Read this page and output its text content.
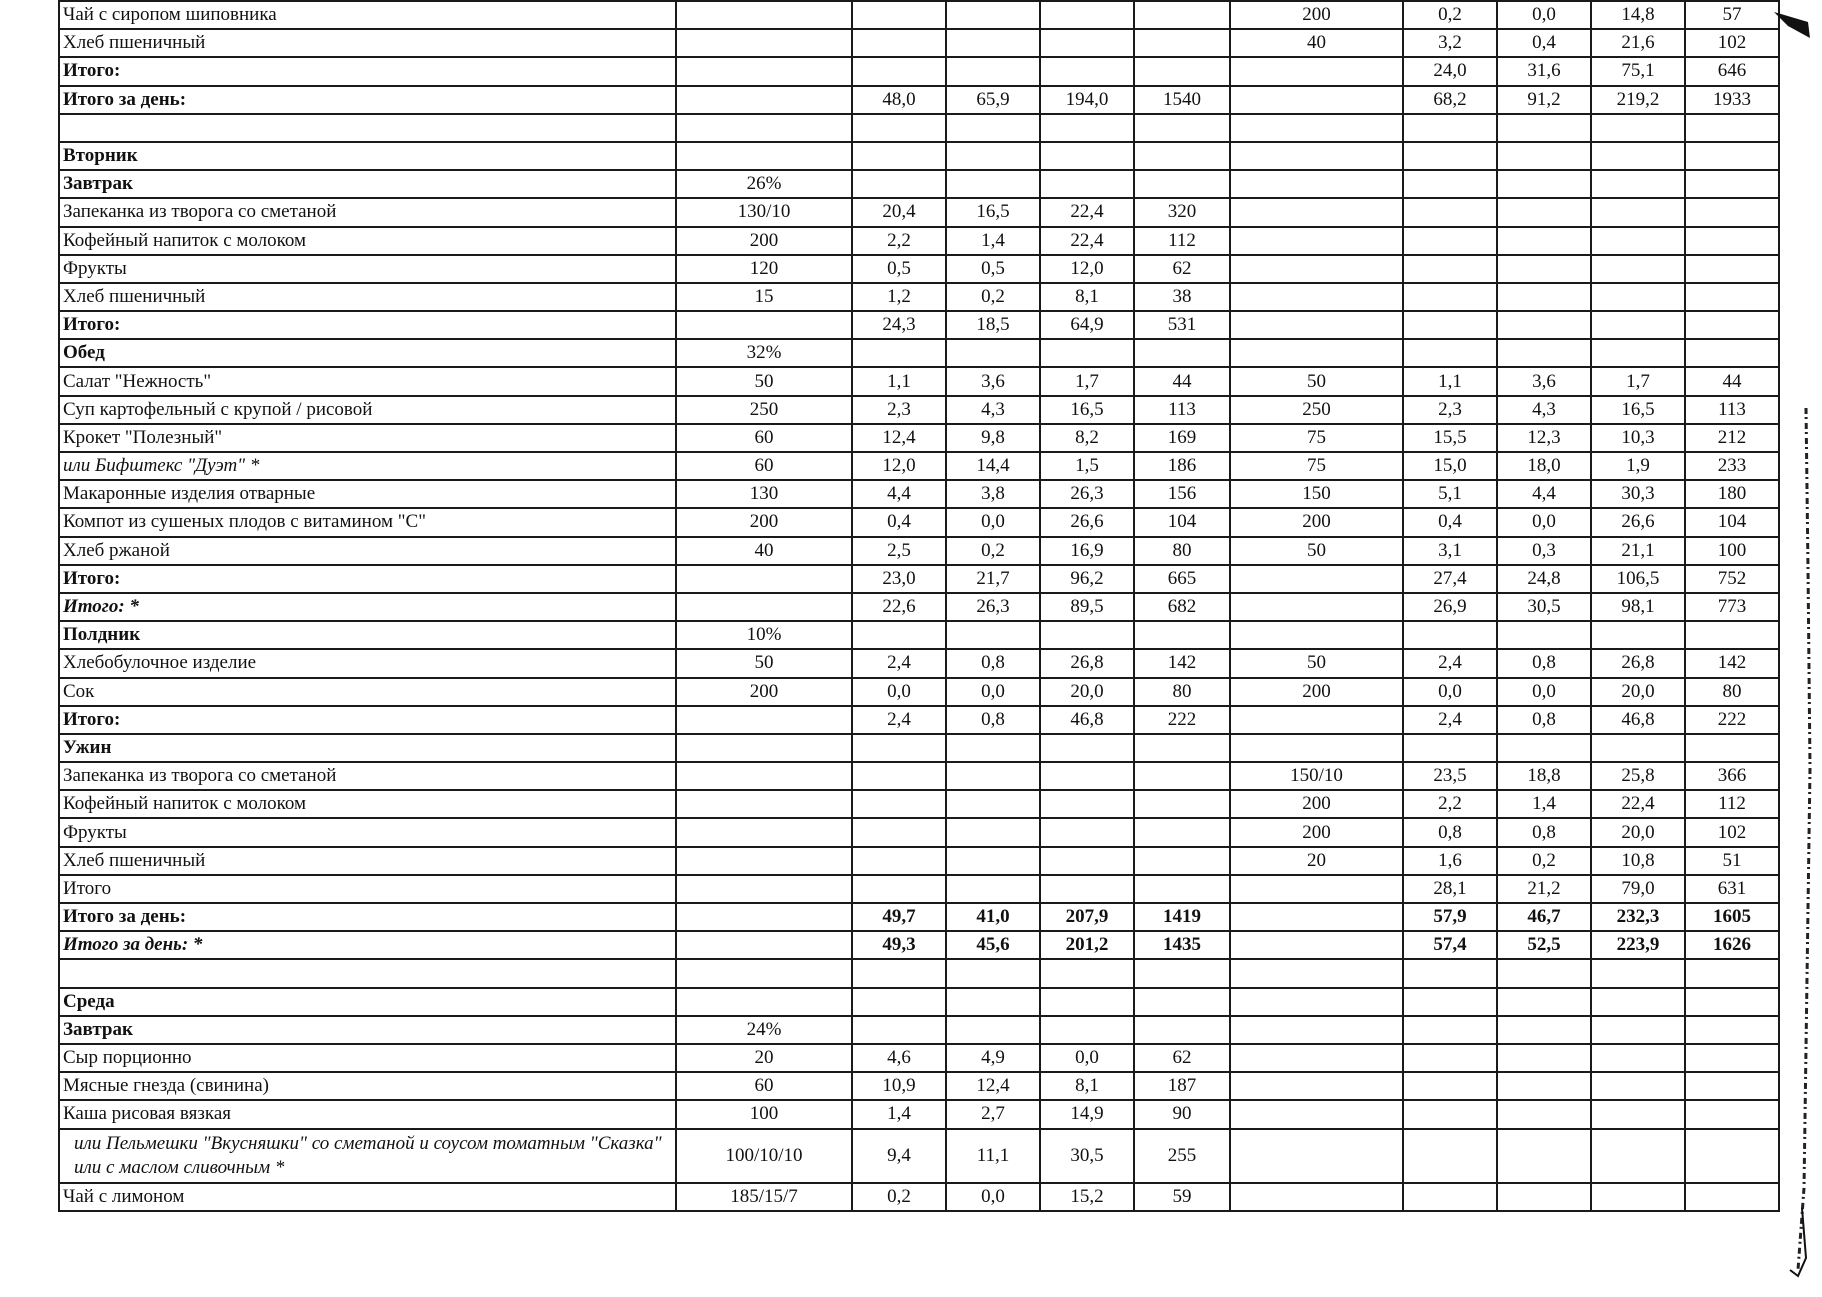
Чай с сиропом шиповника						200	0,2	0,0	14,8	57
Хлеб пшеничный						40	3,2	0,4	21,6	102
Итого:							24,0	31,6	75,1	646
Итого за день:		48,0	65,9	194,0	1540		68,2	91,2	219,2	1933

Вторник										
Завтрак	26%									
Запеканка из творога со сметаной	130/10	20,4	16,5	22,4	320					
Кофейный напиток с молоком	200	2,2	1,4	22,4	112					
Фрукты	120	0,5	0,5	12,0	62					
Хлеб пшеничный	15	1,2	0,2	8,1	38					
Итого:		24,3	18,5	64,9	531					
Обед	32%									
Салат "Нежность"	50	1,1	3,6	1,7	44	50	1,1	3,6	1,7	44
Суп картофельный с крупой / рисовой	250	2,3	4,3	16,5	113	250	2,3	4,3	16,5	113
Крокет "Полезный"	60	12,4	9,8	8,2	169	75	15,5	12,3	10,3	212
или Бифштекс "Дуэт" *	60	12,0	14,4	1,5	186	75	15,0	18,0	1,9	233
Макаронные изделия отварные	130	4,4	3,8	26,3	156	150	5,1	4,4	30,3	180
Компот из сушеных плодов с витамином "С"	200	0,4	0,0	26,6	104	200	0,4	0,0	26,6	104
Хлеб ржаной	40	2,5	0,2	16,9	80	50	3,1	0,3	21,1	100
Итого:		23,0	21,7	96,2	665		27,4	24,8	106,5	752
Итого: *		22,6	26,3	89,5	682		26,9	30,5	98,1	773
Полдник	10%									
Хлебобулочное изделие	50	2,4	0,8	26,8	142	50	2,4	0,8	26,8	142
Сок	200	0,0	0,0	20,0	80	200	0,0	0,0	20,0	80
Итого:		2,4	0,8	46,8	222		2,4	0,8	46,8	222
Ужин										
Запеканка из творога со сметаной						150/10	23,5	18,8	25,8	366
Кофейный напиток с молоком						200	2,2	1,4	22,4	112
Фрукты						200	0,8	0,8	20,0	102
Хлеб пшеничный						20	1,6	0,2	10,8	51
Итого							28,1	21,2	79,0	631
Итого за день:		49,7	41,0	207,9	1419		57,9	46,7	232,3	1605
Итого за день: *		49,3	45,6	201,2	1435		57,4	52,5	223,9	1626

Среда										
Завтрак	24%									
Сыр порционно	20	4,6	4,9	0,0	62					
Мясные гнезда (свинина)	60	10,9	12,4	8,1	187					
Каша рисовая вязкая	100	1,4	2,7	14,9	90					
или Пельмешки "Вкусняшки" со сметаной и соусом томатным "Сказка" или с маслом сливочным *	100/10/10	9,4	11,1	30,5	255					
Чай с лимоном	185/15/7	0,2	0,0	15,2	59					
